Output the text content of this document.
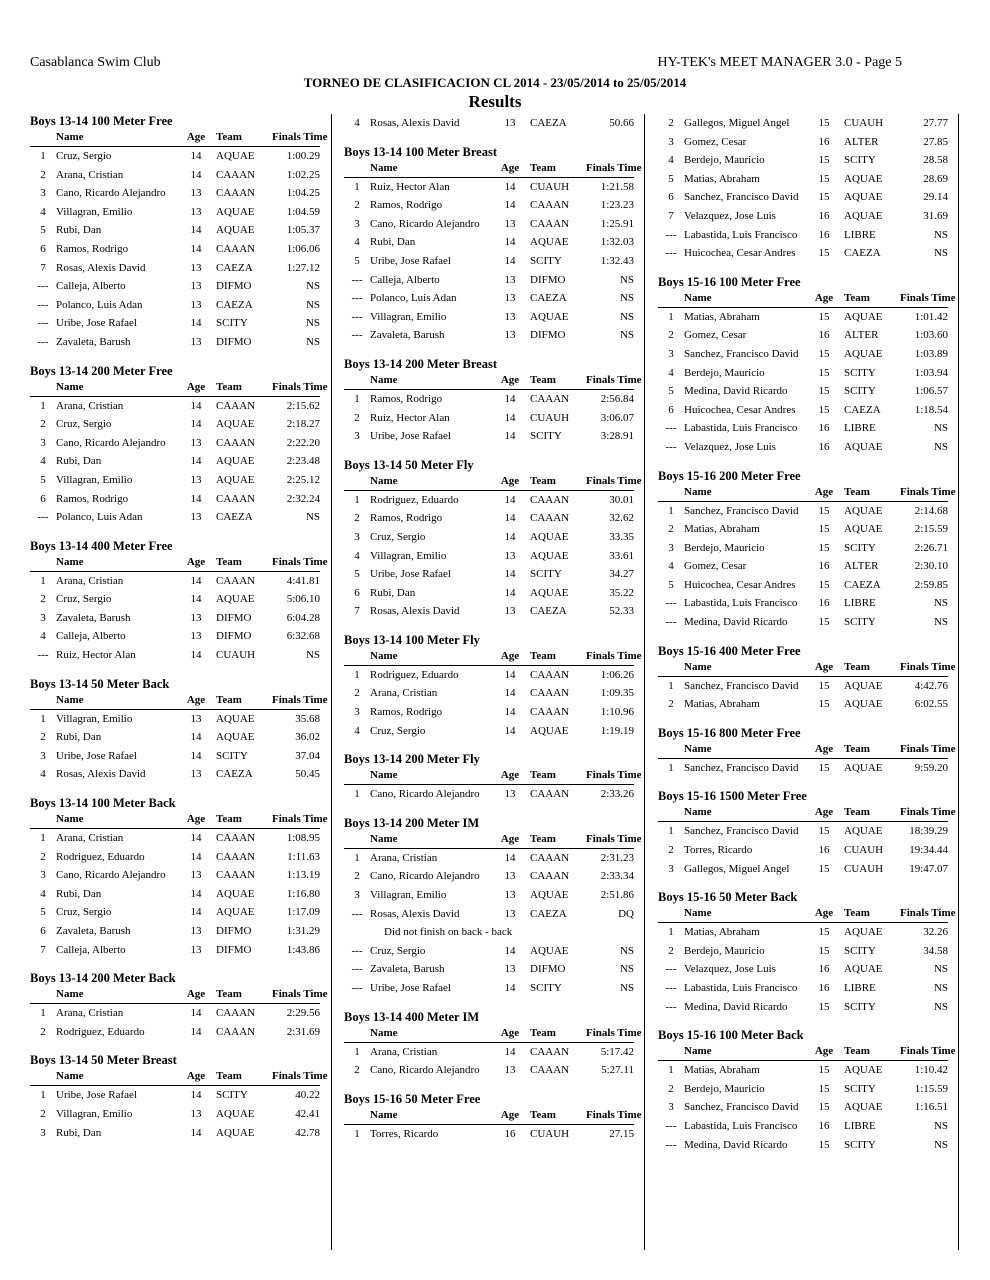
Casablanca Swim Club	HY-TEK's MEET MANAGER 3.0 - Page 5
TORNEO DE CLASIFICACION CL 2014 - 23/05/2014 to 25/05/2014
Results
Boys 13-14 100 Meter Free
	Name	Age	Team	Finals Time
1	Cruz, Sergio	14	AQUAE	1:00.29
2	Arana, Cristian	14	CAAAN	1:02.25
3	Cano, Ricardo Alejandro	13	CAAAN	1:04.25
4	Villagran, Emilio	13	AQUAE	1:04.59
5	Rubi, Dan	14	AQUAE	1:05.37
6	Ramos, Rodrigo	14	CAAAN	1:06.06
7	Rosas, Alexis David	13	CAEZA	1:27.12
---	Calleja, Alberto	13	DIFMO	NS
---	Polanco, Luis Adan	13	CAEZA	NS
---	Uribe, Jose Rafael	14	SCITY	NS
---	Zavaleta, Barush	13	DIFMO	NS
Boys 13-14 200 Meter Free
	Name	Age	Team	Finals Time
1	Arana, Cristian	14	CAAAN	2:15.62
2	Cruz, Sergio	14	AQUAE	2:18.27
3	Cano, Ricardo Alejandro	13	CAAAN	2:22.20
4	Rubi, Dan	14	AQUAE	2:23.48
5	Villagran, Emilio	13	AQUAE	2:25.12
6	Ramos, Rodrigo	14	CAAAN	2:32.24
---	Polanco, Luis Adan	13	CAEZA	NS
Boys 13-14 400 Meter Free
	Name	Age	Team	Finals Time
1	Arana, Cristian	14	CAAAN	4:41.81
2	Cruz, Sergio	14	AQUAE	5:06.10
3	Zavaleta, Barush	13	DIFMO	6:04.28
4	Calleja, Alberto	13	DIFMO	6:32.68
---	Ruiz, Hector Alan	14	CUAUH	NS
Boys 13-14 50 Meter Back
	Name	Age	Team	Finals Time
1	Villagran, Emilio	13	AQUAE	35.68
2	Rubi, Dan	14	AQUAE	36.02
3	Uribe, Jose Rafael	14	SCITY	37.04
4	Rosas, Alexis David	13	CAEZA	50.45
Boys 13-14 100 Meter Back
	Name	Age	Team	Finals Time
1	Arana, Cristian	14	CAAAN	1:08.95
2	Rodriguez, Eduardo	14	CAAAN	1:11.63
3	Cano, Ricardo Alejandro	13	CAAAN	1:13.19
4	Rubi, Dan	14	AQUAE	1:16.80
5	Cruz, Sergio	14	AQUAE	1:17.09
6	Zavaleta, Barush	13	DIFMO	1:31.29
7	Calleja, Alberto	13	DIFMO	1:43.86
Boys 13-14 200 Meter Back
	Name	Age	Team	Finals Time
1	Arana, Cristian	14	CAAAN	2:29.56
2	Rodriguez, Eduardo	14	CAAAN	2:31.69
Boys 13-14 50 Meter Breast
	Name	Age	Team	Finals Time
1	Uribe, Jose Rafael	14	SCITY	40.22
2	Villagran, Emilio	13	AQUAE	42.41
3	Rubi, Dan	14	AQUAE	42.78
4	Rosas, Alexis David	13	CAEZA	50.66
Boys 13-14 100 Meter Breast
	Name	Age	Team	Finals Time
1	Ruiz, Hector Alan	14	CUAUH	1:21.58
2	Ramos, Rodrigo	14	CAAAN	1:23.23
3	Cano, Ricardo Alejandro	13	CAAAN	1:25.91
4	Rubi, Dan	14	AQUAE	1:32.03
5	Uribe, Jose Rafael	14	SCITY	1:32.43
---	Calleja, Alberto	13	DIFMO	NS
---	Polanco, Luis Adan	13	CAEZA	NS
---	Villagran, Emilio	13	AQUAE	NS
---	Zavaleta, Barush	13	DIFMO	NS
Boys 13-14 200 Meter Breast
	Name	Age	Team	Finals Time
1	Ramos, Rodrigo	14	CAAAN	2:56.84
2	Ruiz, Hector Alan	14	CUAUH	3:06.07
3	Uribe, Jose Rafael	14	SCITY	3:28.91
Boys 13-14 50 Meter Fly
	Name	Age	Team	Finals Time
1	Rodriguez, Eduardo	14	CAAAN	30.01
2	Ramos, Rodrigo	14	CAAAN	32.62
3	Cruz, Sergio	14	AQUAE	33.35
4	Villagran, Emilio	13	AQUAE	33.61
5	Uribe, Jose Rafael	14	SCITY	34.27
6	Rubi, Dan	14	AQUAE	35.22
7	Rosas, Alexis David	13	CAEZA	52.33
Boys 13-14 100 Meter Fly
	Name	Age	Team	Finals Time
1	Rodriguez, Eduardo	14	CAAAN	1:06.26
2	Arana, Cristian	14	CAAAN	1:09.35
3	Ramos, Rodrigo	14	CAAAN	1:10.96
4	Cruz, Sergio	14	AQUAE	1:19.19
Boys 13-14 200 Meter Fly
	Name	Age	Team	Finals Time
1	Cano, Ricardo Alejandro	13	CAAAN	2:33.26
Boys 13-14 200 Meter IM
	Name	Age	Team	Finals Time
1	Arana, Cristian	14	CAAAN	2:31.23
2	Cano, Ricardo Alejandro	13	CAAAN	2:33.34
3	Villagran, Emilio	13	AQUAE	2:51.86
---	Rosas, Alexis David	13	CAEZA	DQ
Did not finish on back - back				
---	Cruz, Sergio	14	AQUAE	NS
---	Zavaleta, Barush	13	DIFMO	NS
---	Uribe, Jose Rafael	14	SCITY	NS
Boys 13-14 400 Meter IM
	Name	Age	Team	Finals Time
1	Arana, Cristian	14	CAAAN	5:17.42
2	Cano, Ricardo Alejandro	13	CAAAN	5:27.11
Boys 15-16 50 Meter Free
	Name	Age	Team	Finals Time
1	Torres, Ricardo	16	CUAUH	27.15
2	Gallegos, Miguel Angel	15	CUAUH	27.77
3	Gomez, Cesar	16	ALTER	27.85
4	Berdejo, Mauricio	15	SCITY	28.58
5	Matias, Abraham	15	AQUAE	28.69
6	Sanchez, Francisco David	15	AQUAE	29.14
7	Velazquez, Jose Luis	16	AQUAE	31.69
---	Labastida, Luis Francisco	16	LIBRE	NS
---	Huicochea, Cesar Andres	15	CAEZA	NS
Boys 15-16 100 Meter Free
	Name	Age	Team	Finals Time
1	Matias, Abraham	15	AQUAE	1:01.42
2	Gomez, Cesar	16	ALTER	1:03.60
3	Sanchez, Francisco David	15	AQUAE	1:03.89
4	Berdejo, Mauricio	15	SCITY	1:03.94
5	Medina, David Ricardo	15	SCITY	1:06.57
6	Huicochea, Cesar Andres	15	CAEZA	1:18.54
---	Labastida, Luis Francisco	16	LIBRE	NS
---	Velazquez, Jose Luis	16	AQUAE	NS
Boys 15-16 200 Meter Free
	Name	Age	Team	Finals Time
1	Sanchez, Francisco David	15	AQUAE	2:14.68
2	Matias, Abraham	15	AQUAE	2:15.59
3	Berdejo, Mauricio	15	SCITY	2:26.71
4	Gomez, Cesar	16	ALTER	2:30.10
5	Huicochea, Cesar Andres	15	CAEZA	2:59.85
---	Labastida, Luis Francisco	16	LIBRE	NS
---	Medina, David Ricardo	15	SCITY	NS
Boys 15-16 400 Meter Free
	Name	Age	Team	Finals Time
1	Sanchez, Francisco David	15	AQUAE	4:42.76
2	Matias, Abraham	15	AQUAE	6:02.55
Boys 15-16 800 Meter Free
	Name	Age	Team	Finals Time
1	Sanchez, Francisco David	15	AQUAE	9:59.20
Boys 15-16 1500 Meter Free
	Name	Age	Team	Finals Time
1	Sanchez, Francisco David	15	AQUAE	18:39.29
2	Torres, Ricardo	16	CUAUH	19:34.44
3	Gallegos, Miguel Angel	15	CUAUH	19:47.07
Boys 15-16 50 Meter Back
	Name	Age	Team	Finals Time
1	Matias, Abraham	15	AQUAE	32.26
2	Berdejo, Mauricio	15	SCITY	34.58
---	Velazquez, Jose Luis	16	AQUAE	NS
---	Labastida, Luis Francisco	16	LIBRE	NS
---	Medina, David Ricardo	15	SCITY	NS
Boys 15-16 100 Meter Back
	Name	Age	Team	Finals Time
1	Matias, Abraham	15	AQUAE	1:10.42
2	Berdejo, Mauricio	15	SCITY	1:15.59
3	Sanchez, Francisco David	15	AQUAE	1:16.51
---	Labastida, Luis Francisco	16	LIBRE	NS
---	Medina, David Ricardo	15	SCITY	NS
